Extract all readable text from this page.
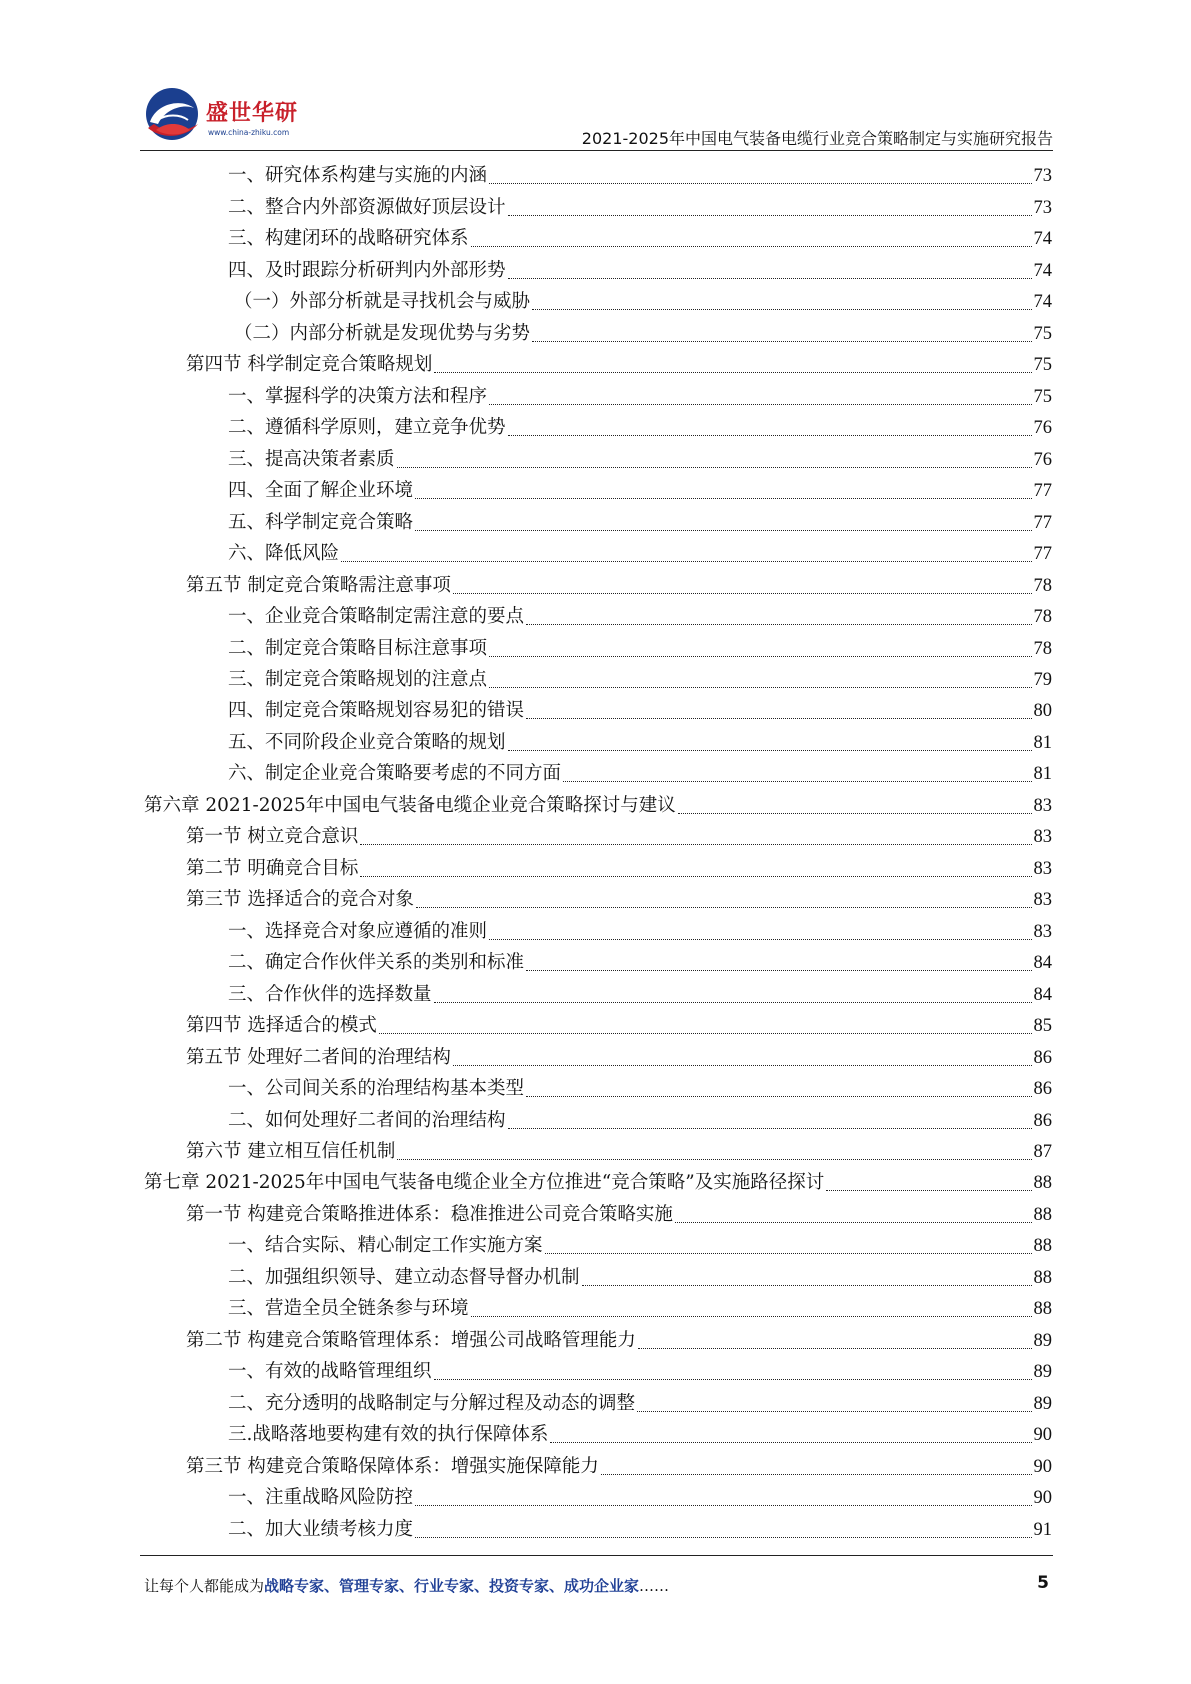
盛世华研
www.china-zhiku.com	2021-2025年中国电气装备电缆行业竞合策略制定与实施研究报告
一、研究体系构建与实施的内涵	73
二、整合内外部资源做好顶层设计	73
三、构建闭环的战略研究体系	74
四、及时跟踪分析研判内外部形势	74
（一）外部分析就是寻找机会与威胁	74
（二）内部分析就是发现优势与劣势	75
第四节 科学制定竞合策略规划	75
一、掌握科学的决策方法和程序	75
二、遵循科学原则，建立竞争优势	76
三、提高决策者素质	76
四、全面了解企业环境	77
五、科学制定竞合策略	77
六、降低风险	77
第五节 制定竞合策略需注意事项	78
一、企业竞合策略制定需注意的要点	78
二、制定竞合策略目标注意事项	78
三、制定竞合策略规划的注意点	79
四、制定竞合策略规划容易犯的错误	80
五、不同阶段企业竞合策略的规划	81
六、制定企业竞合策略要考虑的不同方面	81
第六章 2021-2025年中国电气装备电缆企业竞合策略探讨与建议	83
第一节 树立竞合意识	83
第二节 明确竞合目标	83
第三节 选择适合的竞合对象	83
一、选择竞合对象应遵循的准则	83
二、确定合作伙伴关系的类别和标准	84
三、合作伙伴的选择数量	84
第四节 选择适合的模式	85
第五节 处理好二者间的治理结构	86
一、公司间关系的治理结构基本类型	86
二、如何处理好二者间的治理结构	86
第六节 建立相互信任机制	87
第七章 2021-2025年中国电气装备电缆企业全方位推进“竞合策略”及实施路径探讨	88
第一节 构建竞合策略推进体系：稳准推进公司竞合策略实施	88
一、结合实际、精心制定工作实施方案	88
二、加强组织领导、建立动态督导督办机制	88
三、营造全员全链条参与环境	88
第二节 构建竞合策略管理体系：增强公司战略管理能力	89
一、有效的战略管理组织	89
二、充分透明的战略制定与分解过程及动态的调整	89
三.战略落地要构建有效的执行保障体系	90
第三节 构建竞合策略保障体系：增强实施保障能力	90
一、注重战略风险防控	90
二、加大业绩考核力度	91
让每个人都能成为战略专家、管理专家、行业专家、投资专家、成功企业家……	5
